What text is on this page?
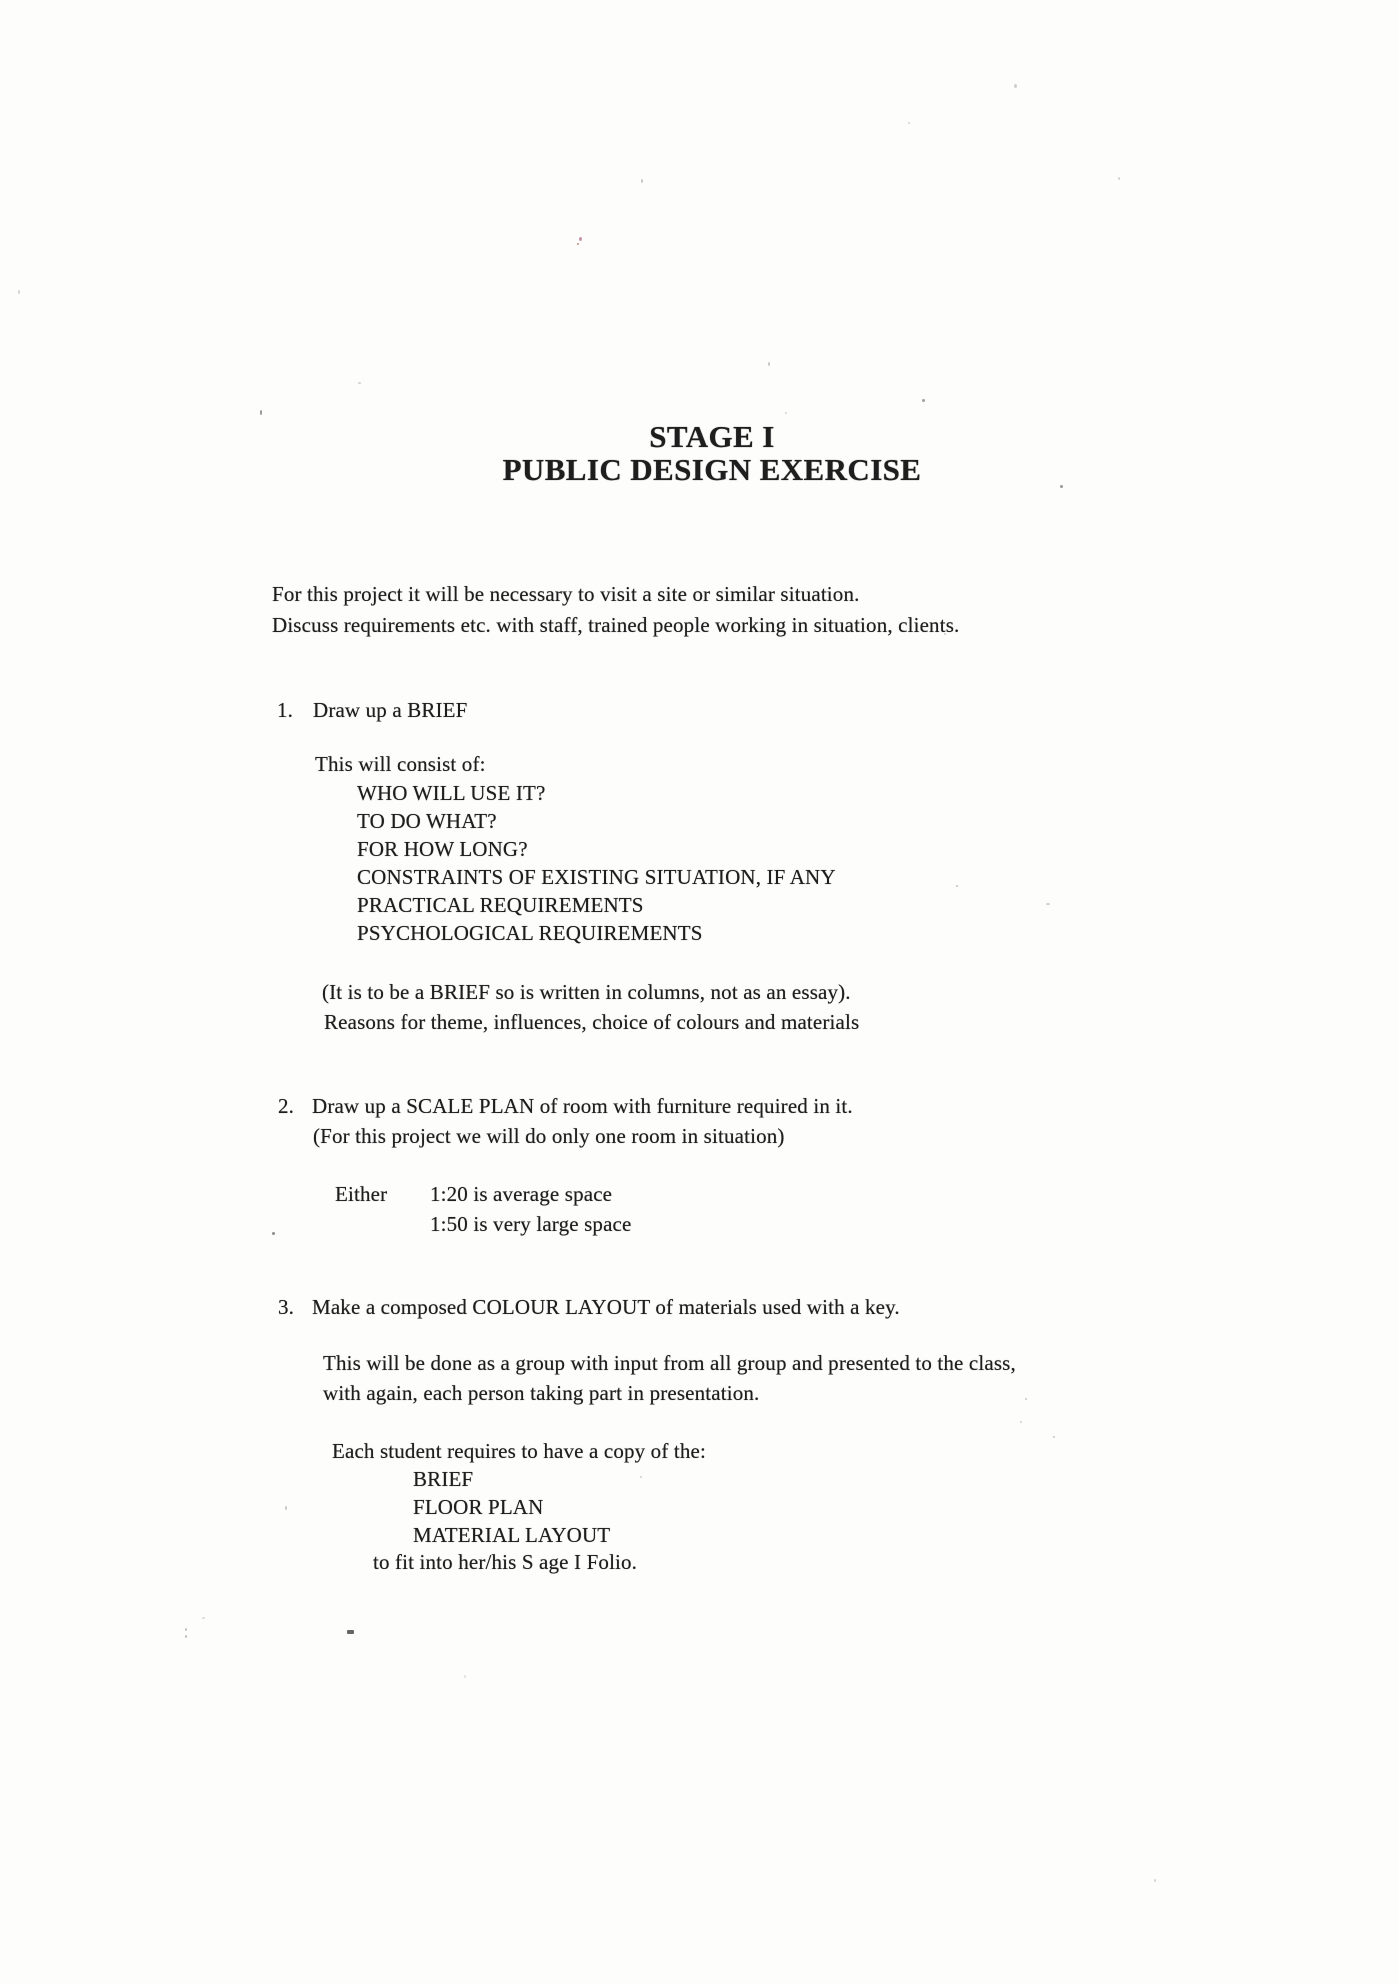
STAGE I
PUBLIC DESIGN EXERCISE
For this project it will be necessary to visit a site or similar situation.
Discuss requirements etc. with staff, trained people working in situation, clients.
1. Draw up a BRIEF
This will consist of:
WHO WILL USE IT?
TO DO WHAT?
FOR HOW LONG?
CONSTRAINTS OF EXISTING SITUATION, IF ANY
PRACTICAL REQUIREMENTS
PSYCHOLOGICAL REQUIREMENTS
(It is to be a BRIEF so is written in columns, not as an essay).
Reasons for theme, influences, choice of colours and materials
2. Draw up a SCALE PLAN of room with furniture required in it.
(For this project we will do only one room in situation)
Either 1:20 is average space
1:50 is very large space
3. Make a composed COLOUR LAYOUT of materials used with a key.
This will be done as a group with input from all group and presented to the class,
with again, each person taking part in presentation.
Each student requires to have a copy of the:
BRIEF
FLOOR PLAN
MATERIAL LAYOUT
to fit into her/his S age I Folio.
